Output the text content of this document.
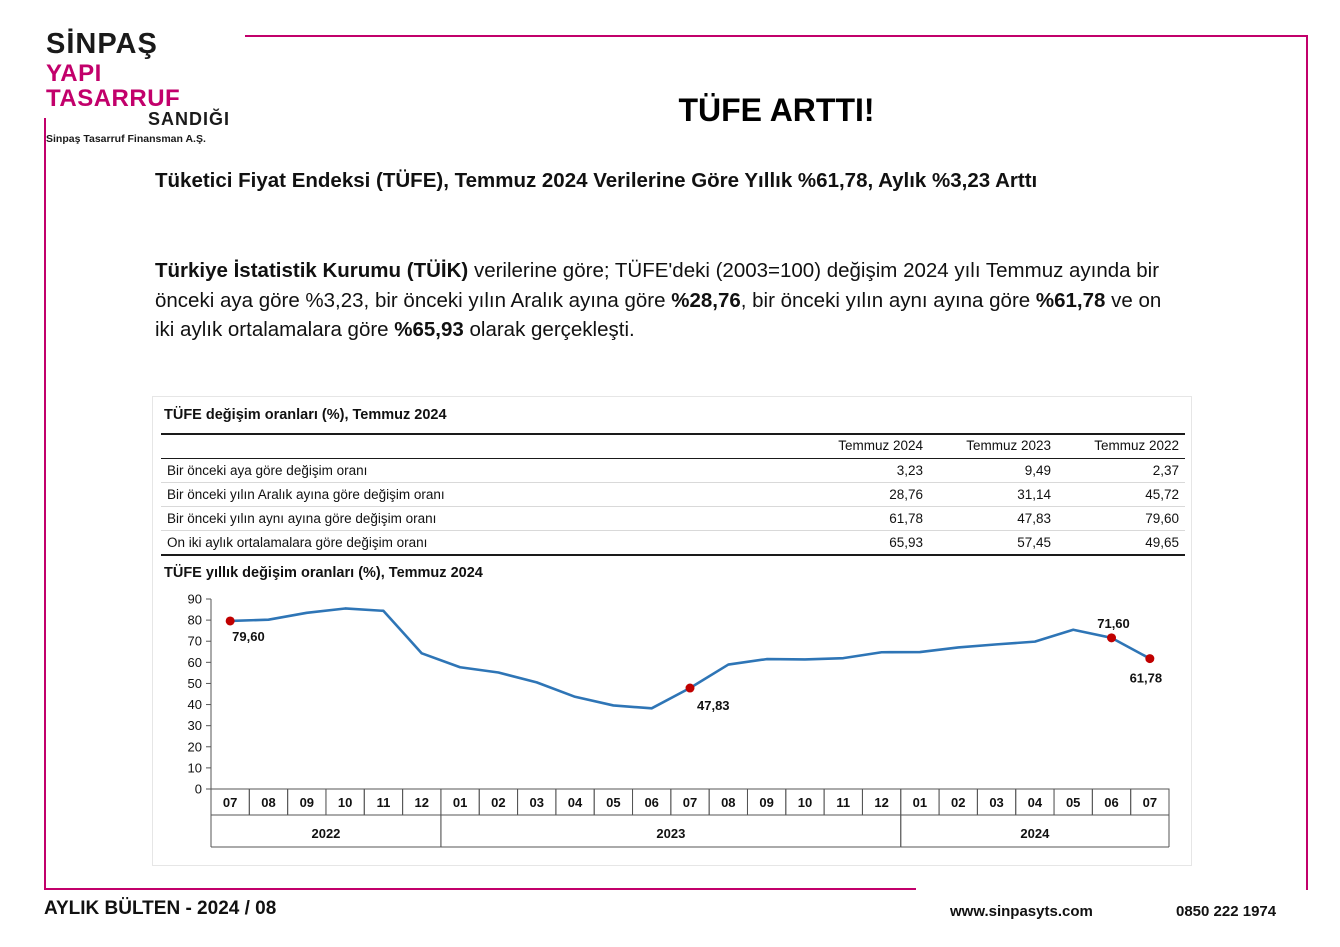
SİNPAŞ
YAPI TASARRUF
SANDIĞI
Sinpaş Tasarruf Finansman A.Ş.
TÜFE ARTTI!
Tüketici Fiyat Endeksi (TÜFE), Temmuz 2024 Verilerine Göre Yıllık %61,78, Aylık %3,23 Arttı
Türkiye İstatistik Kurumu (TÜİK) verilerine göre; TÜFE'deki (2003=100) değişim 2024 yılı Temmuz ayında bir önceki aya göre %3,23, bir önceki yılın Aralık ayına göre %28,76, bir önceki yılın aynı ayına göre %61,78 ve on iki aylık ortalamalara göre %65,93 olarak gerçekleşti.
TÜFE değişim oranları (%), Temmuz 2024
	Temmuz 2024	Temmuz 2023	Temmuz 2022
Bir önceki aya göre değişim oranı	3,23	9,49	2,37
Bir önceki yılın Aralık ayına göre değişim oranı	28,76	31,14	45,72
Bir önceki yılın aynı ayına göre değişim oranı	61,78	47,83	79,60
On iki aylık ortalamalara göre değişim oranı	65,93	57,45	49,65
TÜFE yıllık değişim oranları (%), Temmuz 2024
0
10
20
30
40
50
60
70
80
90
07 08 09 10 11 12 01 02 03 04 05 06 07 08 09 10 11 12 01 02 03 04 05 06 07
2022	2023	2024
79,60
47,83
71,60
61,78
AYLIK BÜLTEN - 2024 / 08	www.sinpasyts.com	0850 222 1974
